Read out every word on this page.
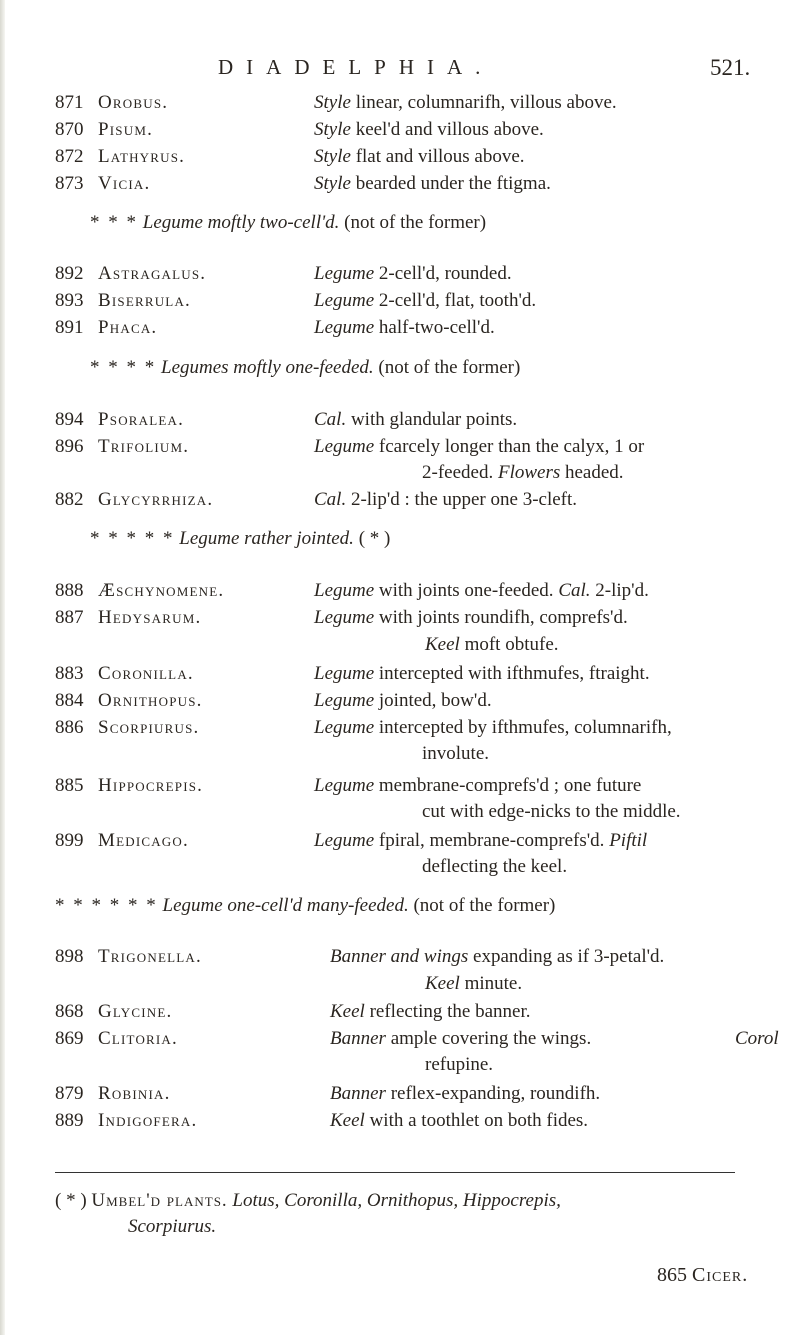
DIADELPHIA.	521.
871 Orobus.	Style linear, columnarifh, villous above.
870 Pisum.	Style keel'd and villous above.
872 Lathyrus.	Style flat and villous above.
873 Vicia.	Style bearded under the ftigma.
* * * Legume moftly two-cell'd. (not of the former)
892 Astragalus.	Legume 2-cell'd, rounded.
893 Biserrula.	Legume 2-cell'd, flat, tooth'd.
891 Phaca.	Legume half-two-cell'd.
* * * * Legumes moftly one-feeded. (not of the former)
894 Psoralea.	Cal. with glandular points.
896 Trifolium.	Legume fcarcely longer than the calyx, 1 or
2-feeded. Flowers headed.
882 Glycyrrhiza.	Cal. 2-lip'd : the upper one 3-cleft.
* * * * * Legume rather jointed. ( * )
888 Æschynomene.	Legume with joints one-feeded. Cal. 2-lip'd.
887 Hedysarum.	Legume with joints roundifh, comprefs'd.
Keel moft obtufe.
883 Coronilla.	Legume intercepted with ifthmufes, ftraight.
884 Ornithopus.	Legume jointed, bow'd.
886 Scorpiurus.	Legume intercepted by ifthmufes, columnarifh,
involute.
885 Hippocrepis.	Legume membrane-comprefs'd ; one future
cut with edge-nicks to the middle.
899 Medicago.	Legume fpiral, membrane-comprefs'd. Piftil
deflecting the keel.
* * * * * * Legume one-cell'd many-feeded. (not of the former)
898 Trigonella.	Banner and wings expanding as if 3-petal'd.
Keel minute.
868 Glycine.	Keel reflecting the banner.
869 Clitoria.	Banner ample covering the wings.	Corol
refupine.
879 Robinia.	Banner reflex-expanding, roundifh.
889 Indigofera.	Keel with a toothlet on both fides.
( * ) Umbel'd plants. Lotus, Coronilla, Ornithopus, Hippocrepis,
Scorpiurus.
865 Cicer.
